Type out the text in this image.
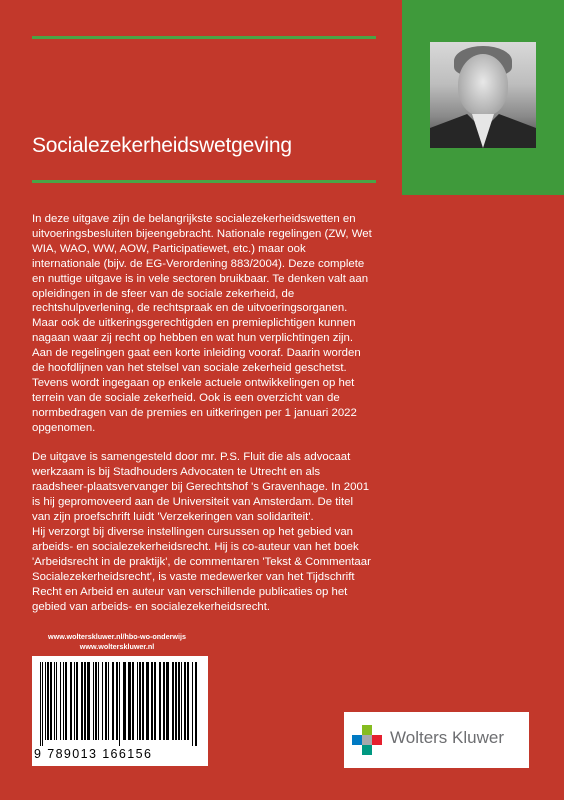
Socialezekerheidswetgeving

In deze uitgave zijn de belangrijkste socialezekerheidswetten en uitvoeringsbesluiten bijeengebracht. Nationale regelingen (ZW, Wet WIA, WAO, WW, AOW, Participatiewet, etc.) maar ook internationale (bijv. de EG-Verordening 883/2004). Deze complete en nuttige uitgave is in vele sectoren bruikbaar. Te denken valt aan opleidingen in de sfeer van de sociale zekerheid, de rechtshulpverlening, de rechtspraak en de uitvoeringsorganen. Maar ook de uitkeringsgerechtigden en premieplichtigen kunnen nagaan waar zij recht op hebben en wat hun verplichtingen zijn. Aan de regelingen gaat een korte inleiding vooraf. Daarin worden de hoofdlijnen van het stelsel van sociale zekerheid geschetst. Tevens wordt ingegaan op enkele actuele ontwikkelingen op het terrein van de sociale zekerheid. Ook is een overzicht van de normbedragen van de premies en uitkeringen per 1 januari 2022 opgenomen.

De uitgave is samengesteld door mr. P.S. Fluit die als advocaat werkzaam is bij Stadhouders Advocaten te Utrecht en als raadsheer-plaatsvervanger bij Gerechtshof 's Gravenhage. In 2001 is hij gepromoveerd aan de Universiteit van Amsterdam. De titel van zijn proefschrift luidt 'Verzekeringen van solidariteit'.

Hij verzorgt bij diverse instellingen cursussen op het gebied van arbeids- en socialezekerheidsrecht. Hij is co-auteur van het boek 'Arbeidsrecht in de praktijk', de commentaren 'Tekst & Commentaar Socialezekerheidsrecht', is vaste medewerker van het Tijdschrift Recht en Arbeid en auteur van verschillende publicaties op het gebied van arbeids- en socialezekerheidsrecht.

www.wolterskluwer.nl/hbo-wo-onderwijs
www.wolterskluwer.nl
9 789013 166156
Wolters Kluwer
